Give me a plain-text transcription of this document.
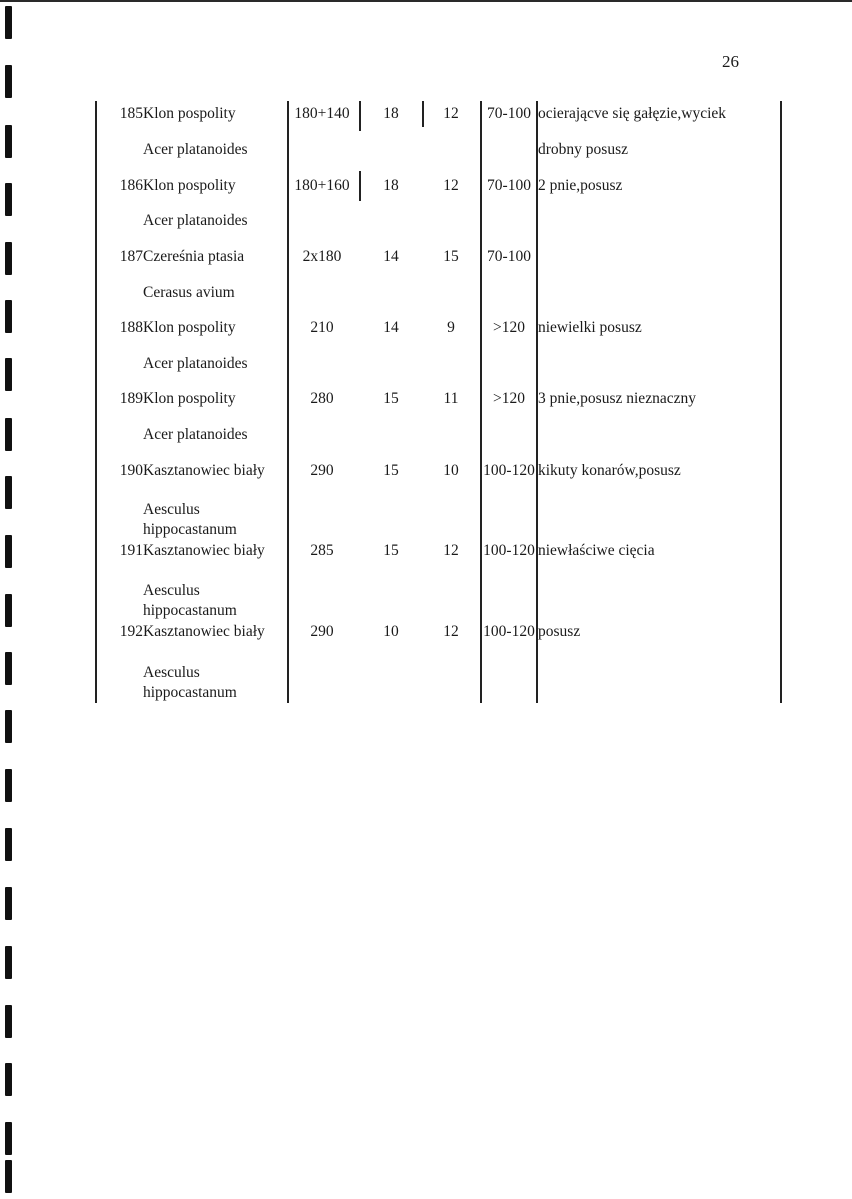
26
185 Klon pospolity	180+140	18	12	70-100 ocierającve się gałęzie,wyciek
Acer platanoides	drobny posusz
186 Klon pospolity	180+160	18	12	70-100 2 pnie,posusz
Acer platanoides
187 Czereśnia ptasia	2x180	14	15	70-100
Cerasus avium
188 Klon pospolity	210	14	9	>120 niewielki posusz
Acer platanoides
189 Klon pospolity	280	15	11	>120 3 pnie,posusz nieznaczny
Acer platanoides
190 Kasztanowiec biały	290	15	10	100-120 kikuty konarów,posusz
Aesculus hippocastanum
191 Kasztanowiec biały	285	15	12	100-120 niewłaściwe cięcia
Aesculus hippocastanum
192 Kasztanowiec biały	290	10	12	100-120 posusz
Aesculus hippocastanum
